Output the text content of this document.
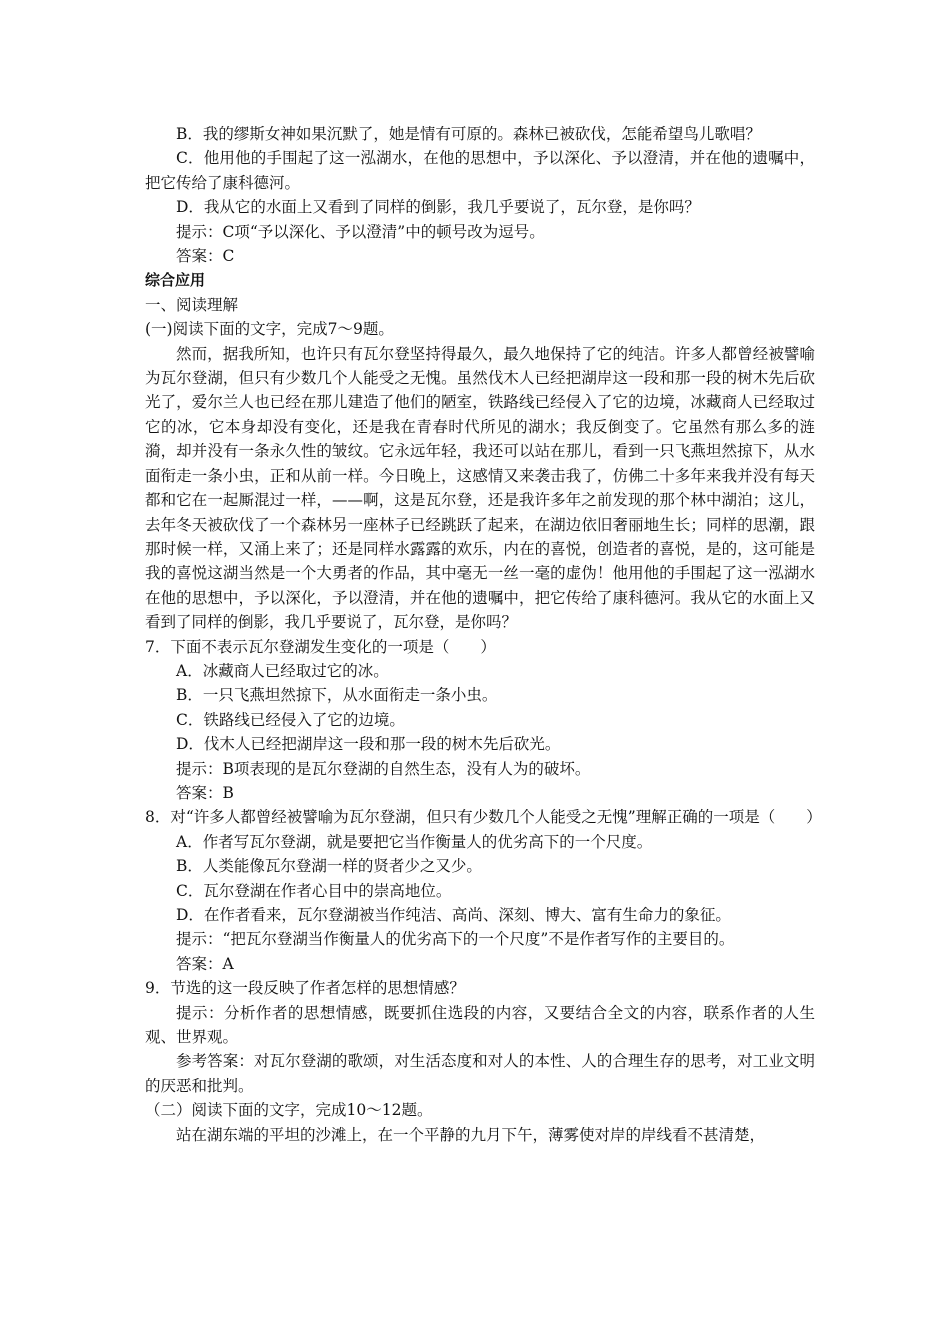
B．我的缪斯女神如果沉默了，她是情有可原的。森林已被砍伐，怎能希望鸟儿歌唱？

C．他用他的手围起了这一泓湖水，在他的思想中，予以深化、予以澄清，并在他的遗嘱中，把它传给了康科德河。

D．我从它的水面上又看到了同样的倒影，我几乎要说了，瓦尔登，是你吗？

提示：C项“予以深化、予以澄清”中的顿号改为逗号。

答案：C

综合应用

一、阅读理解

(一)阅读下面的文字，完成7～9题。

然而，据我所知，也许只有瓦尔登坚持得最久，最久地保持了它的纯洁。许多人都曾经被譬喻为瓦尔登湖，但只有少数几个人能受之无愧。虽然伐木人已经把湖岸这一段和那一段的树木先后砍光了，爱尔兰人也已经在那儿建造了他们的陋室，铁路线已经侵入了它的边境，冰藏商人已经取过它的冰，它本身却没有变化，还是我在青春时代所见的湖水；我反倒变了。它虽然有那么多的涟漪，却并没有一条永久性的皱纹。它永远年轻，我还可以站在那儿，看到一只飞燕坦然掠下，从水面衔走一条小虫，正和从前一样。今日晚上，这感情又来袭击我了，仿佛二十多年来我并没有每天都和它在一起厮混过一样，——啊，这是瓦尔登，还是我许多年之前发现的那个林中湖泊；这儿，去年冬天被砍伐了一个森林另一座林子已经跳跃了起来，在湖边依旧奢丽地生长；同样的思潮，跟那时候一样，又涌上来了；还是同样水露露的欢乐，内在的喜悦，创造者的喜悦，是的，这可能是我的喜悦这湖当然是一个大勇者的作品，其中毫无一丝一毫的虚伪！他用他的手围起了这一泓湖水在他的思想中，予以深化，予以澄清，并在他的遗嘱中，把它传给了康科德河。我从它的水面上又看到了同样的倒影，我几乎要说了，瓦尔登，是你吗？

7．下面不表示瓦尔登湖发生变化的一项是（　　）

A．冰藏商人已经取过它的冰。

B．一只飞燕坦然掠下，从水面衔走一条小虫。

C．铁路线已经侵入了它的边境。

D．伐木人已经把湖岸这一段和那一段的树木先后砍光。

提示：B项表现的是瓦尔登湖的自然生态，没有人为的破坏。

答案：B

8．对“许多人都曾经被譬喻为瓦尔登湖，但只有少数几个人能受之无愧”理解正确的一项是（　　）

A．作者写瓦尔登湖，就是要把它当作衡量人的优劣高下的一个尺度。

B．人类能像瓦尔登湖一样的贤者少之又少。

C．瓦尔登湖在作者心目中的崇高地位。

D．在作者看来，瓦尔登湖被当作纯洁、高尚、深刻、博大、富有生命力的象征。

提示：“把瓦尔登湖当作衡量人的优劣高下的一个尺度”不是作者写作的主要目的。

答案：A

9．节选的这一段反映了作者怎样的思想情感？

提示：分析作者的思想情感，既要抓住选段的内容，又要结合全文的内容，联系作者的人生观、世界观。

参考答案：对瓦尔登湖的歌颂，对生活态度和对人的本性、人的合理生存的思考，对工业文明的厌恶和批判。

（二）阅读下面的文字，完成10～12题。

站在湖东端的平坦的沙滩上，在一个平静的九月下午，薄雾使对岸的岸线看不甚清楚，
